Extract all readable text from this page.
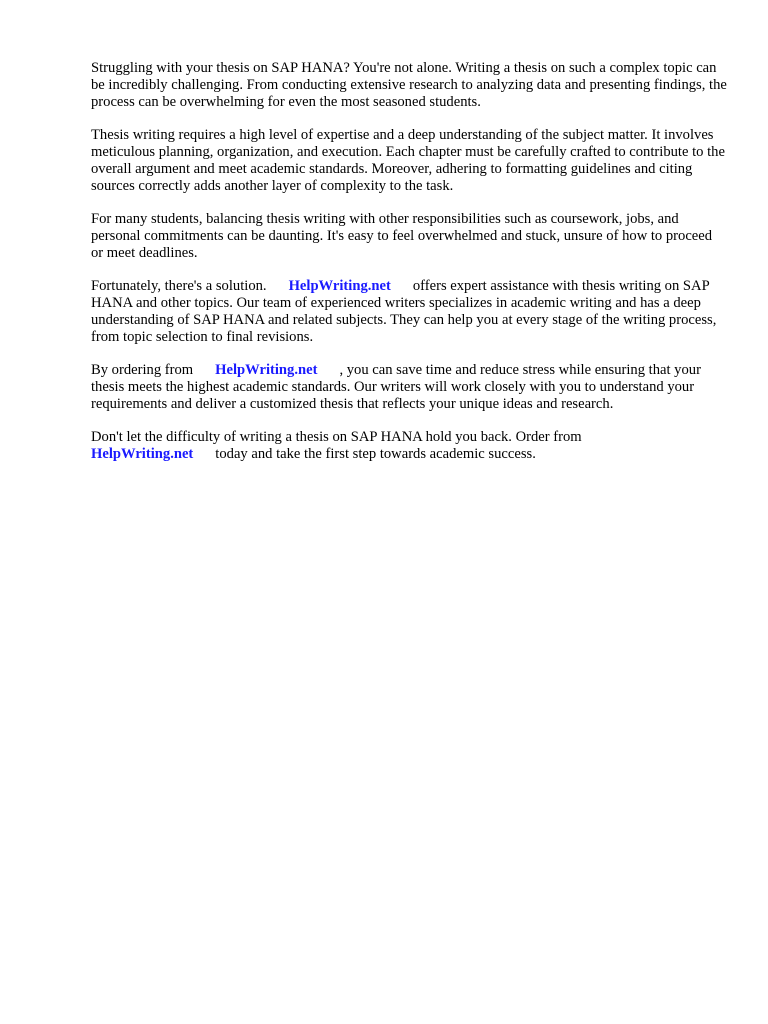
Struggling with your thesis on SAP HANA? You're not alone. Writing a thesis on such a complex topic can be incredibly challenging. From conducting extensive research to analyzing data and presenting findings, the process can be overwhelming for even the most seasoned students.

Thesis writing requires a high level of expertise and a deep understanding of the subject matter. It involves meticulous planning, organization, and execution. Each chapter must be carefully crafted to contribute to the overall argument and meet academic standards. Moreover, adhering to formatting guidelines and citing sources correctly adds another layer of complexity to the task.

For many students, balancing thesis writing with other responsibilities such as coursework, jobs, and personal commitments can be daunting. It's easy to feel overwhelmed and stuck, unsure of how to proceed or meet deadlines.

Fortunately, there's a solution. HelpWriting.net offers expert assistance with thesis writing on SAP HANA and other topics. Our team of experienced writers specializes in academic writing and has a deep understanding of SAP HANA and related subjects. They can help you at every stage of the writing process, from topic selection to final revisions.

By ordering from HelpWriting.net , you can save time and reduce stress while ensuring that your thesis meets the highest academic standards. Our writers will work closely with you to understand your requirements and deliver a customized thesis that reflects your unique ideas and research.

Don't let the difficulty of writing a thesis on SAP HANA hold you back. Order from HelpWriting.net today and take the first step towards academic success.
